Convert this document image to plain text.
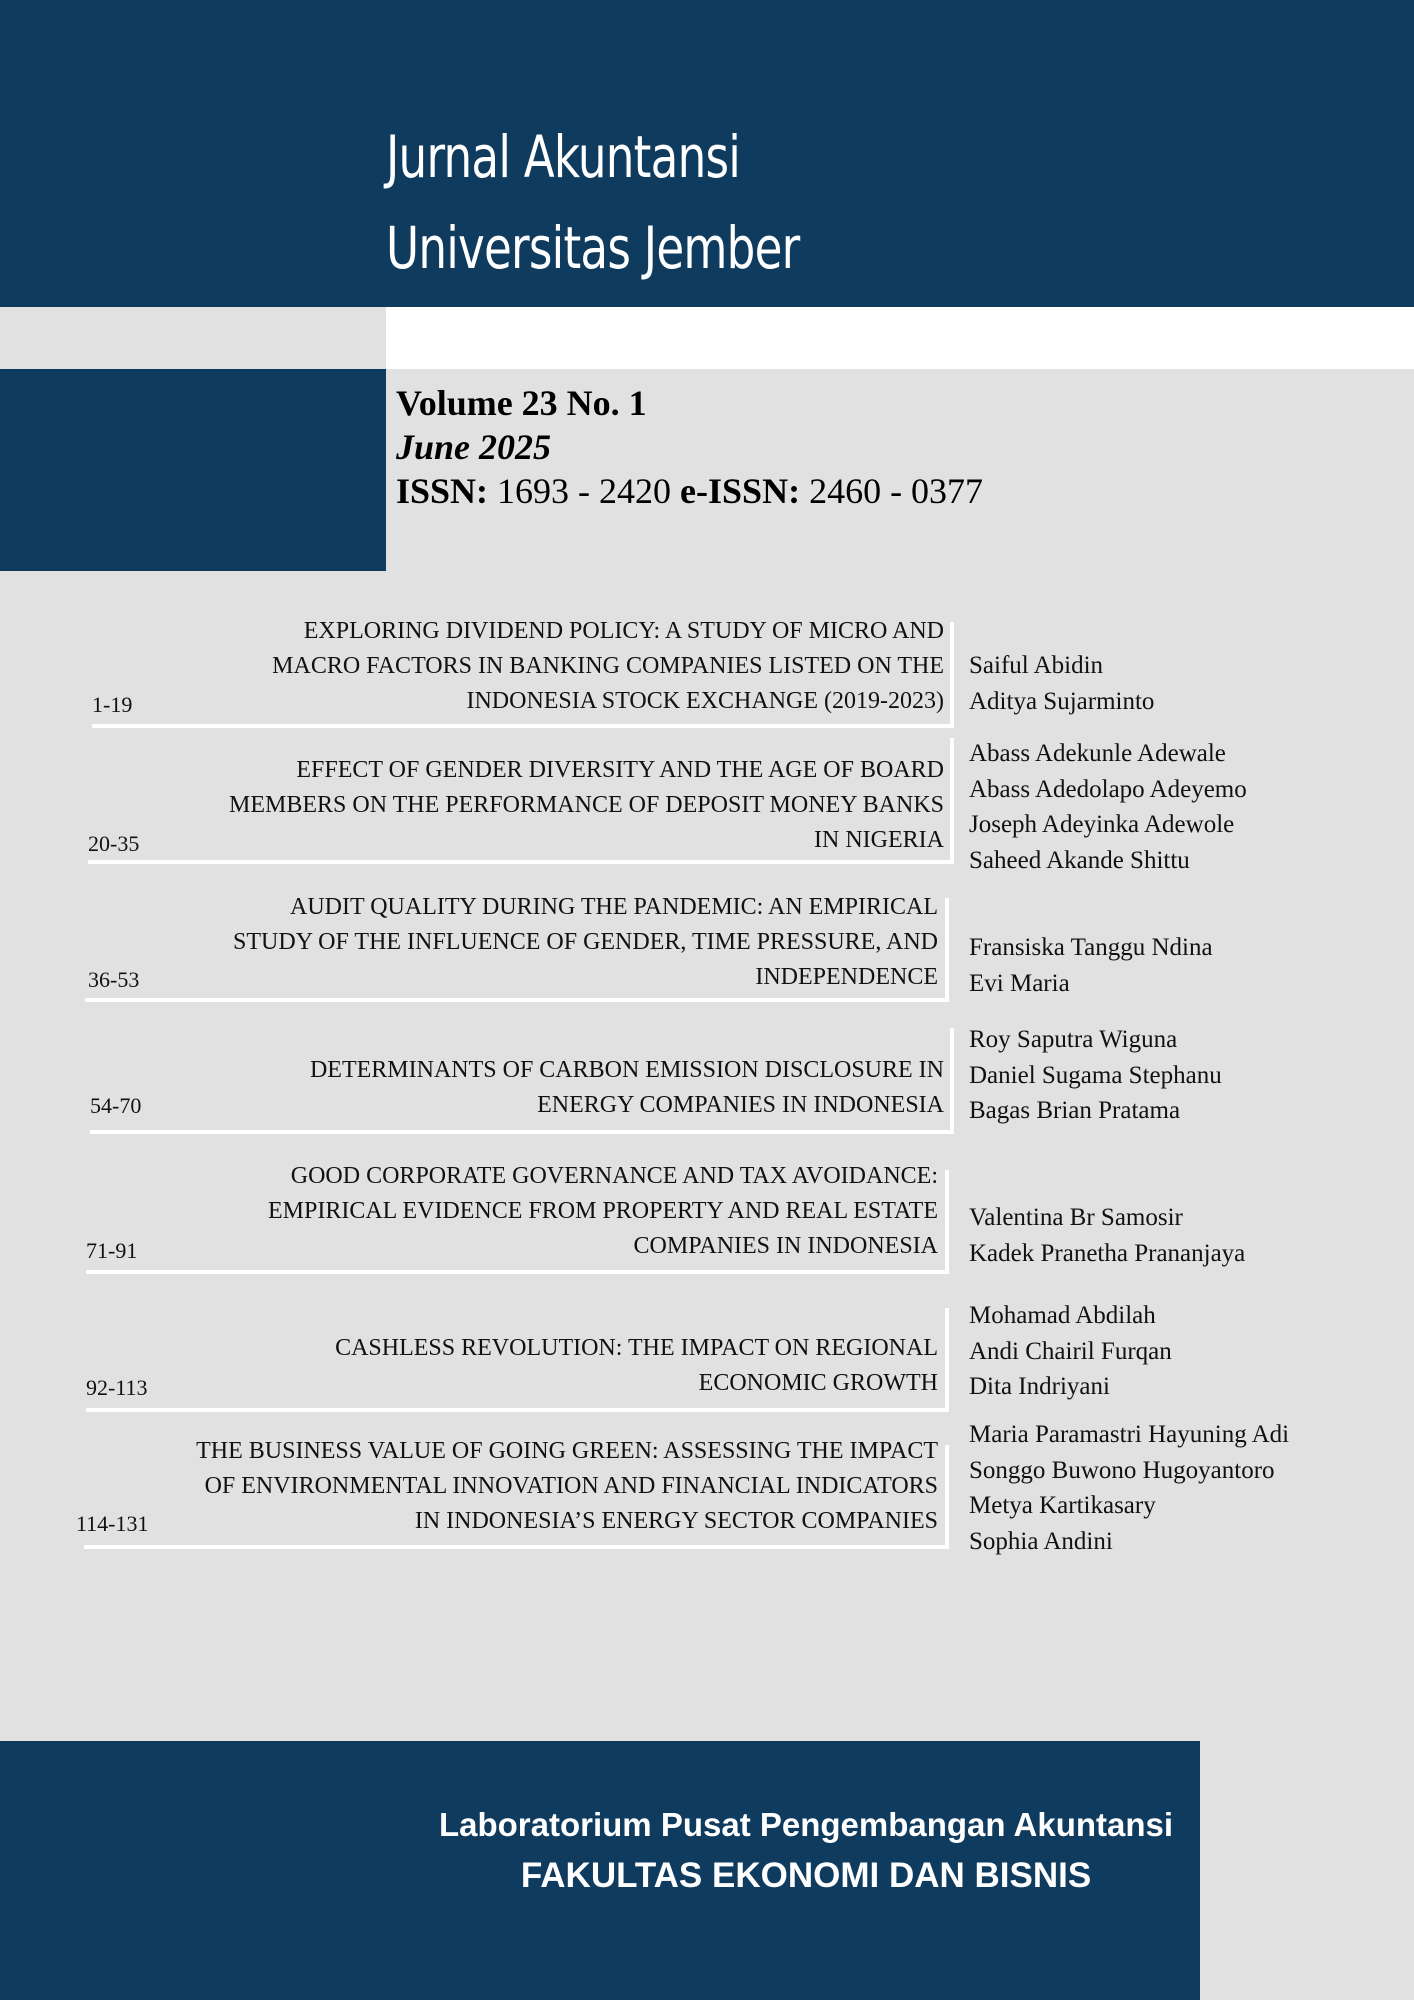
Jurnal Akuntansi
Universitas Jember
Volume 23 No. 1
June 2025
ISSN: 1693 - 2420 e-ISSN: 2460 - 0377
EXPLORING DIVIDEND POLICY: A STUDY OF MICRO AND
MACRO FACTORS IN BANKING COMPANIES LISTED ON THE
INDONESIA STOCK EXCHANGE (2019-2023)
1-19
Saiful Abidin
Aditya Sujarminto
EFFECT OF GENDER DIVERSITY AND THE AGE OF BOARD
MEMBERS ON THE PERFORMANCE OF DEPOSIT MONEY BANKS
IN NIGERIA
20-35
Abass Adekunle Adewale
Abass Adedolapo Adeyemo
Joseph Adeyinka Adewole
Saheed Akande Shittu
AUDIT QUALITY DURING THE PANDEMIC: AN EMPIRICAL
STUDY OF THE INFLUENCE OF GENDER, TIME PRESSURE, AND
INDEPENDENCE
36-53
Fransiska Tanggu Ndina
Evi Maria
DETERMINANTS OF CARBON EMISSION DISCLOSURE IN
ENERGY COMPANIES IN INDONESIA
54-70
Roy Saputra Wiguna
Daniel Sugama Stephanu
Bagas Brian Pratama
GOOD CORPORATE GOVERNANCE AND TAX AVOIDANCE:
EMPIRICAL EVIDENCE FROM PROPERTY AND REAL ESTATE
COMPANIES IN INDONESIA
71-91
Valentina Br Samosir
Kadek Pranetha Prananjaya
CASHLESS REVOLUTION: THE IMPACT ON REGIONAL
ECONOMIC GROWTH
92-113
Mohamad Abdilah
Andi Chairil Furqan
Dita Indriyani
THE BUSINESS VALUE OF GOING GREEN: ASSESSING THE IMPACT
OF ENVIRONMENTAL INNOVATION AND FINANCIAL INDICATORS
IN INDONESIA’S ENERGY SECTOR COMPANIES
114-131
Maria Paramastri Hayuning Adi
Songgo Buwono Hugoyantoro
Metya Kartikasary
Sophia Andini
Laboratorium Pusat Pengembangan Akuntansi
FAKULTAS EKONOMI DAN BISNIS
